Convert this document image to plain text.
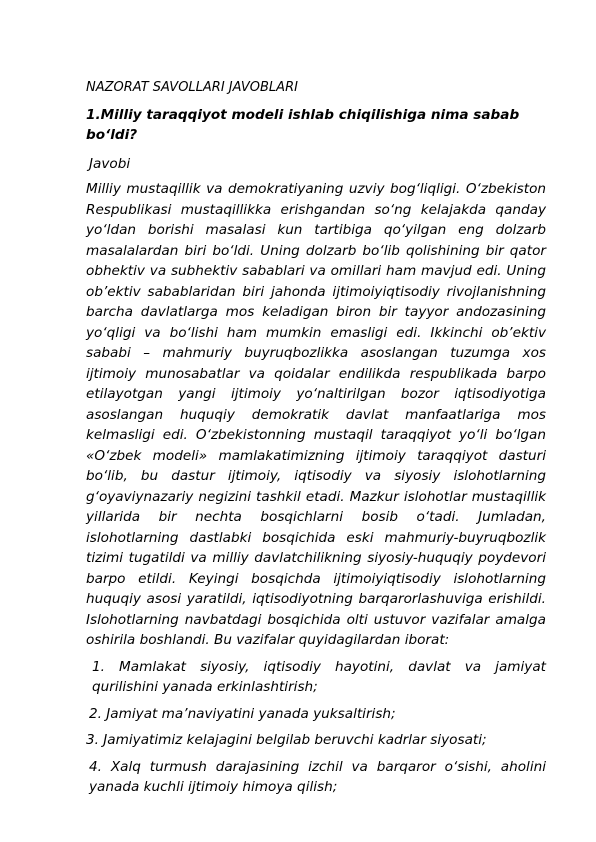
NAZORAT SAVOLLARI JAVOBLARI

1.Milliy taraqqiyot modeli ishlab chiqilishiga nima sabab bo‘ldi?

Javobi

Milliy mustaqillik va demokratiyaning uzviy bog‘liqligi. O‘zbekiston Respublikasi mustaqillikka erishgandan so‘ng kelajakda qanday yo‘ldan borishi masalasi kun tartibiga qo‘yilgan eng dolzarb masalalardan biri bo‘ldi. Uning dolzarb bo‘lib qolishining bir qator obhektiv va subhektiv sabablari va omillari ham mavjud edi. Uning ob’ektiv sabablaridan biri jahonda ijtimoiyiqtisodiy rivojlanishning barcha davlatlarga mos keladigan biron bir tayyor andozasining yo‘qligi va bo‘lishi ham mumkin emasligi edi. Ikkinchi ob’ektiv sababi – mahmuriy buyruqbozlikka asoslangan tuzumga xos ijtimoiy munosabatlar va qoidalar endilikda respublikada barpo etilayotgan yangi ijtimoiy yo‘naltirilgan bozor iqtisodiyotiga asoslangan huquqiy demokratik davlat manfaatlariga mos kelmasligi edi. O‘zbekistonning mustaqil taraqqiyot yo‘li bo‘lgan «O‘zbek modeli» mamlakatimizning ijtimoiy taraqqiyot dasturi bo‘lib, bu dastur ijtimoiy, iqtisodiy va siyosiy islohotlarning g‘oyaviynazariy negizini tashkil etadi. Mazkur islohotlar mustaqillik yillarida bir nechta bosqichlarni bosib o‘tadi. Jumladan, islohotlarning dastlabki bosqichida eski mahmuriy-buyruqbozlik tizimi tugatildi va milliy davlatchilikning siyosiy-huquqiy poydevori barpo etildi. Keyingi bosqichda ijtimoiyiqtisodiy islohotlarning huquqiy asosi yaratildi, iqtisodiyotning barqarorlashuviga erishildi. Islohotlarning navbatdagi bosqichida olti ustuvor vazifalar amalga oshirila boshlandi. Bu vazifalar quyidagilardan iborat:

1. Mamlakat siyosiy, iqtisodiy hayotini, davlat va jamiyat qurilishini yanada erkinlashtirish;

2. Jamiyat ma’naviyatini yanada yuksaltirish;

3. Jamiyatimiz kelajagini belgilab beruvchi kadrlar siyosati;

4. Xalq turmush darajasining izchil va barqaror o‘sishi, aholini yanada kuchli ijtimoiy himoya qilish;
